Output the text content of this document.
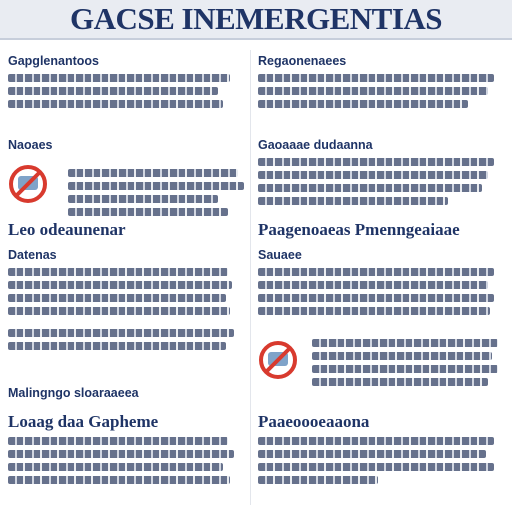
GACSE INEMERGENTIAS
Gapglenantoos
Naoaes
Leo odeaunenar
Datenas
Malingngo sloaraaeea
Loaag daa Gapheme
Regaonenaees
Gaoaaae dudaanna
Paagenoaeas Pmenngeaiaae
Sauaee
Paaeoooeaaona
